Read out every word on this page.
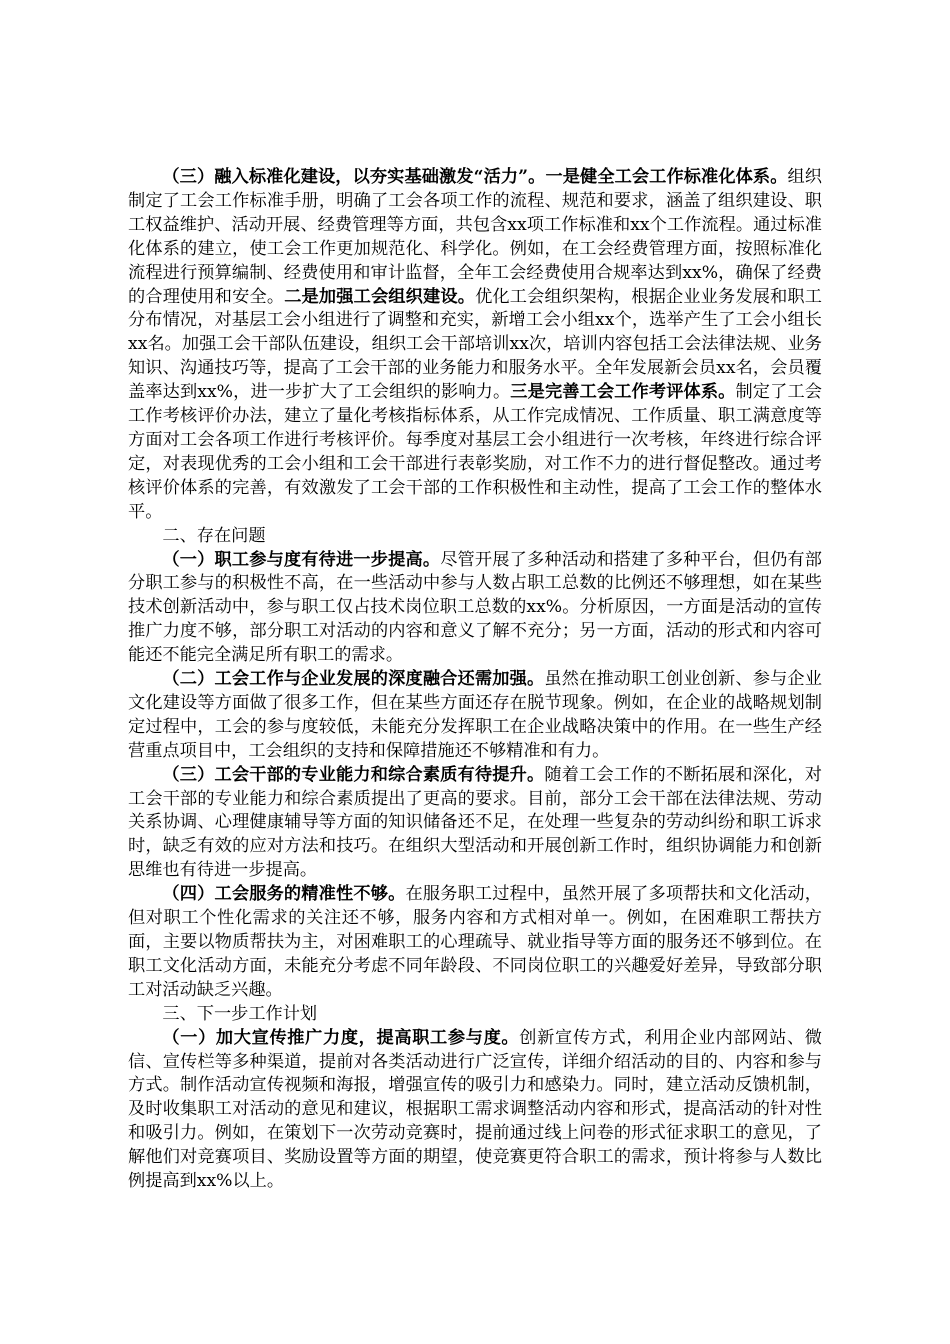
（三）融入标准化建设，以夯实基础激发“活力”。一是健全工会工作标准化体系。组织制定了工会工作标准手册，明确了工会各项工作的流程、规范和要求，涵盖了组织建设、职工权益维护、活动开展、经费管理等方面，共包含xx项工作标准和xx个工作流程。通过标准化体系的建立，使工会工作更加规范化、科学化。例如，在工会经费管理方面，按照标准化流程进行预算编制、经费使用和审计监督，全年工会经费使用合规率达到xx%，确保了经费的合理使用和安全。二是加强工会组织建设。优化工会组织架构，根据企业业务发展和职工分布情况，对基层工会小组进行了调整和充实，新增工会小组xx个，选举产生了工会小组长xx名。加强工会干部队伍建设，组织工会干部培训xx次，培训内容包括工会法律法规、业务知识、沟通技巧等，提高了工会干部的业务能力和服务水平。全年发展新会员xx名，会员覆盖率达到xx%，进一步扩大了工会组织的影响力。三是完善工会工作考评体系。制定了工会工作考核评价办法，建立了量化考核指标体系，从工作完成情况、工作质量、职工满意度等方面对工会各项工作进行考核评价。每季度对基层工会小组进行一次考核，年终进行综合评定，对表现优秀的工会小组和工会干部进行表彰奖励，对工作不力的进行督促整改。通过考核评价体系的完善，有效激发了工会干部的工作积极性和主动性，提高了工会工作的整体水平。

二、存在问题

（一）职工参与度有待进一步提高。尽管开展了多种活动和搭建了多种平台，但仍有部分职工参与的积极性不高，在一些活动中参与人数占职工总数的比例还不够理想，如在某些技术创新活动中，参与职工仅占技术岗位职工总数的xx%。分析原因，一方面是活动的宣传推广力度不够，部分职工对活动的内容和意义了解不充分；另一方面，活动的形式和内容可能还不能完全满足所有职工的需求。

（二）工会工作与企业发展的深度融合还需加强。虽然在推动职工创业创新、参与企业文化建设等方面做了很多工作，但在某些方面还存在脱节现象。例如，在企业的战略规划制定过程中，工会的参与度较低，未能充分发挥职工在企业战略决策中的作用。在一些生产经营重点项目中，工会组织的支持和保障措施还不够精准和有力。

（三）工会干部的专业能力和综合素质有待提升。随着工会工作的不断拓展和深化，对工会干部的专业能力和综合素质提出了更高的要求。目前，部分工会干部在法律法规、劳动关系协调、心理健康辅导等方面的知识储备还不足，在处理一些复杂的劳动纠纷和职工诉求时，缺乏有效的应对方法和技巧。在组织大型活动和开展创新工作时，组织协调能力和创新思维也有待进一步提高。

（四）工会服务的精准性不够。在服务职工过程中，虽然开展了多项帮扶和文化活动，但对职工个性化需求的关注还不够，服务内容和方式相对单一。例如，在困难职工帮扶方面，主要以物质帮扶为主，对困难职工的心理疏导、就业指导等方面的服务还不够到位。在职工文化活动方面，未能充分考虑不同年龄段、不同岗位职工的兴趣爱好差异，导致部分职工对活动缺乏兴趣。

三、下一步工作计划

（一）加大宣传推广力度，提高职工参与度。创新宣传方式，利用企业内部网站、微信、宣传栏等多种渠道，提前对各类活动进行广泛宣传，详细介绍活动的目的、内容和参与方式。制作活动宣传视频和海报，增强宣传的吸引力和感染力。同时，建立活动反馈机制，及时收集职工对活动的意见和建议，根据职工需求调整活动内容和形式，提高活动的针对性和吸引力。例如，在策划下一次劳动竞赛时，提前通过线上问卷的形式征求职工的意见，了解他们对竞赛项目、奖励设置等方面的期望，使竞赛更符合职工的需求，预计将参与人数比例提高到xx%以上。
